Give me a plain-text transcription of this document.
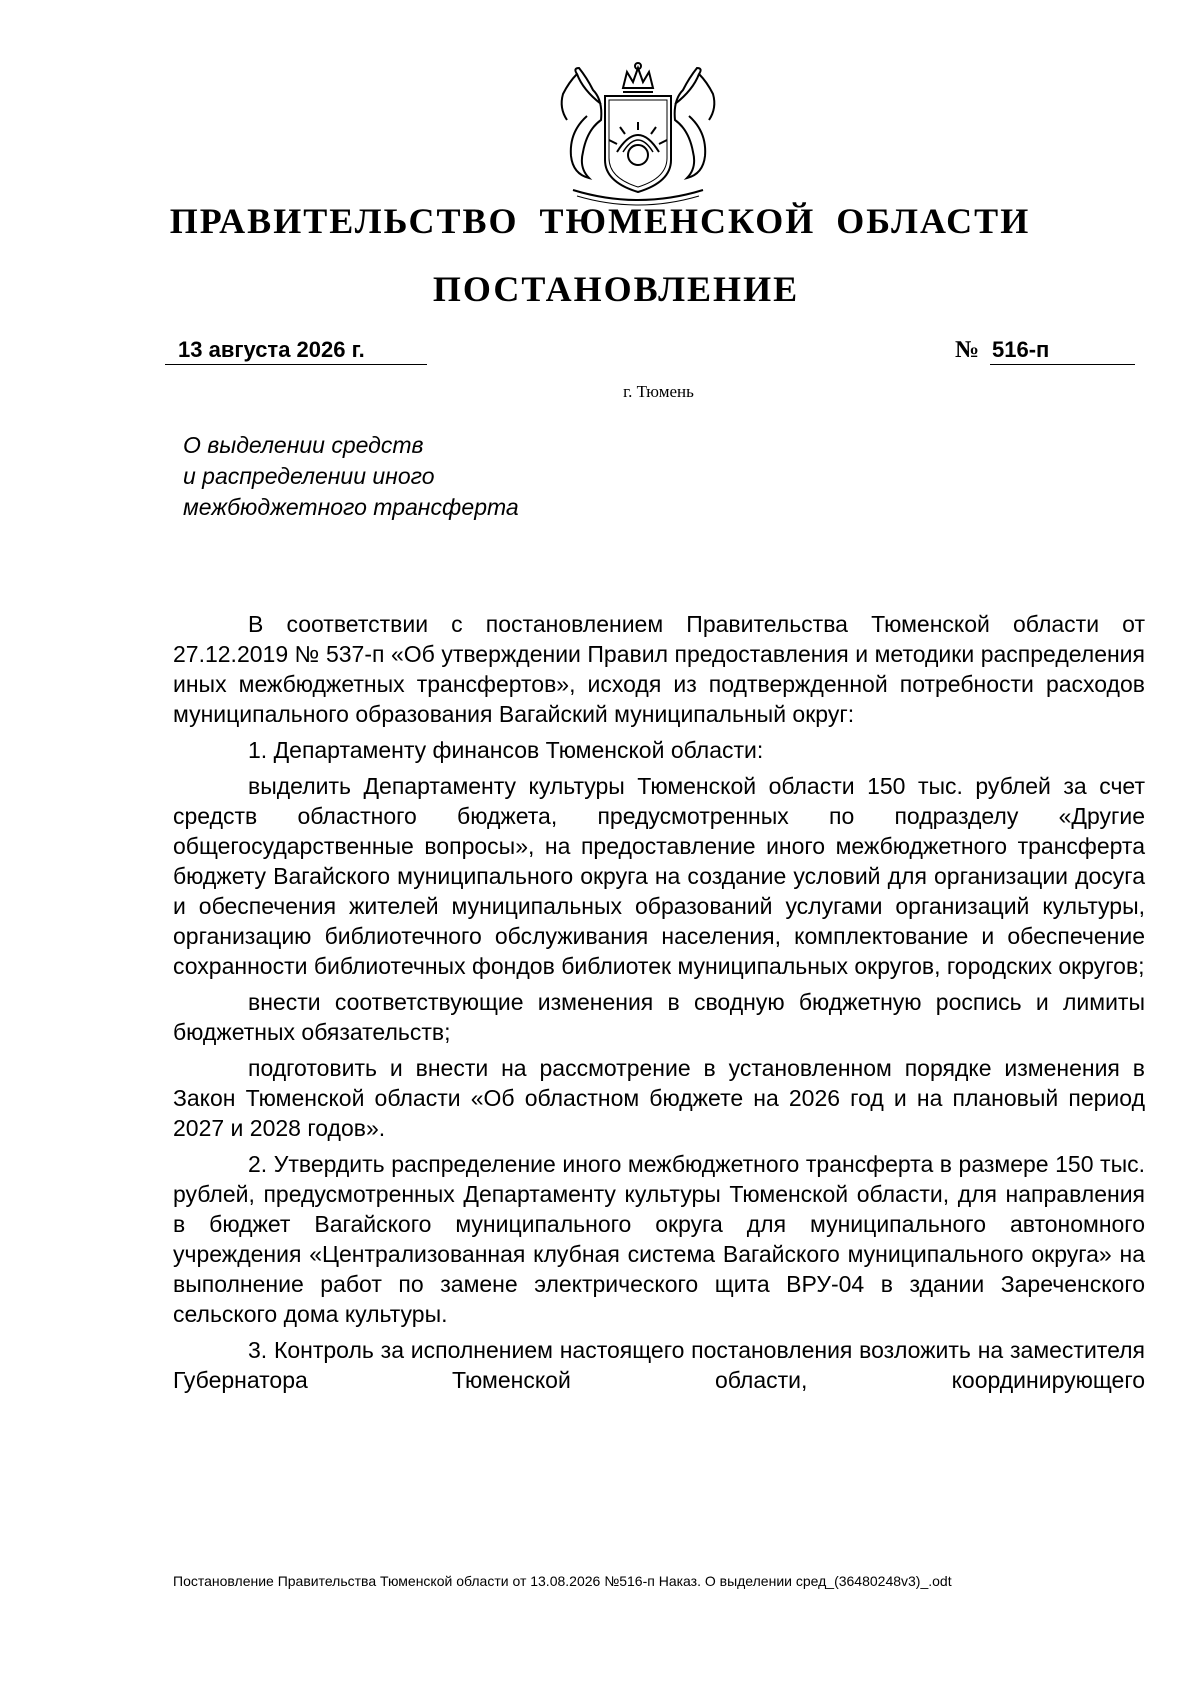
ПРАВИТЕЛЬСТВО ТЮМЕНСКОЙ ОБЛАСТИ
ПОСТАНОВЛЕНИЕ
13 августа 2026 г.	№ 516-п
г. Тюмень
О выделении средств
и распределении иного
межбюджетного трансферта

В соответствии с постановлением Правительства Тюменской области от 27.12.2019 № 537-п «Об утверждении Правил предоставления и методики распределения иных межбюджетных трансфертов», исходя из подтвержденной потребности расходов муниципального образования Вагайский муниципальный округ:

1. Департаменту финансов Тюменской области:

выделить Департаменту культуры Тюменской области 150 тыс. рублей за счет средств областного бюджета, предусмотренных по подразделу «Другие общегосударственные вопросы», на предоставление иного межбюджетного трансферта бюджету Вагайского муниципального округа на создание условий для организации досуга и обеспечения жителей муниципальных образований услугами организаций культуры, организацию библиотечного обслуживания населения, комплектование и обеспечение сохранности библиотечных фондов библиотек муниципальных округов, городских округов;

внести соответствующие изменения в сводную бюджетную роспись и лимиты бюджетных обязательств;

подготовить и внести на рассмотрение в установленном порядке изменения в Закон Тюменской области «Об областном бюджете на 2026 год и на плановый период 2027 и 2028 годов».

2. Утвердить распределение иного межбюджетного трансферта в размере 150 тыс. рублей, предусмотренных Департаменту культуры Тюменской области, для направления в бюджет Вагайского муниципального округа для муниципального автономного учреждения «Централизованная клубная система Вагайского муниципального округа» на выполнение работ по замене электрического щита ВРУ-04 в здании Зареченского сельского дома культуры.

3. Контроль за исполнением настоящего постановления возложить на заместителя Губернатора Тюменской области, координирующего

Постановление Правительства Тюменской области от 13.08.2026 №516-п Наказ. О выделении сред_(36480248v3)_.odt
